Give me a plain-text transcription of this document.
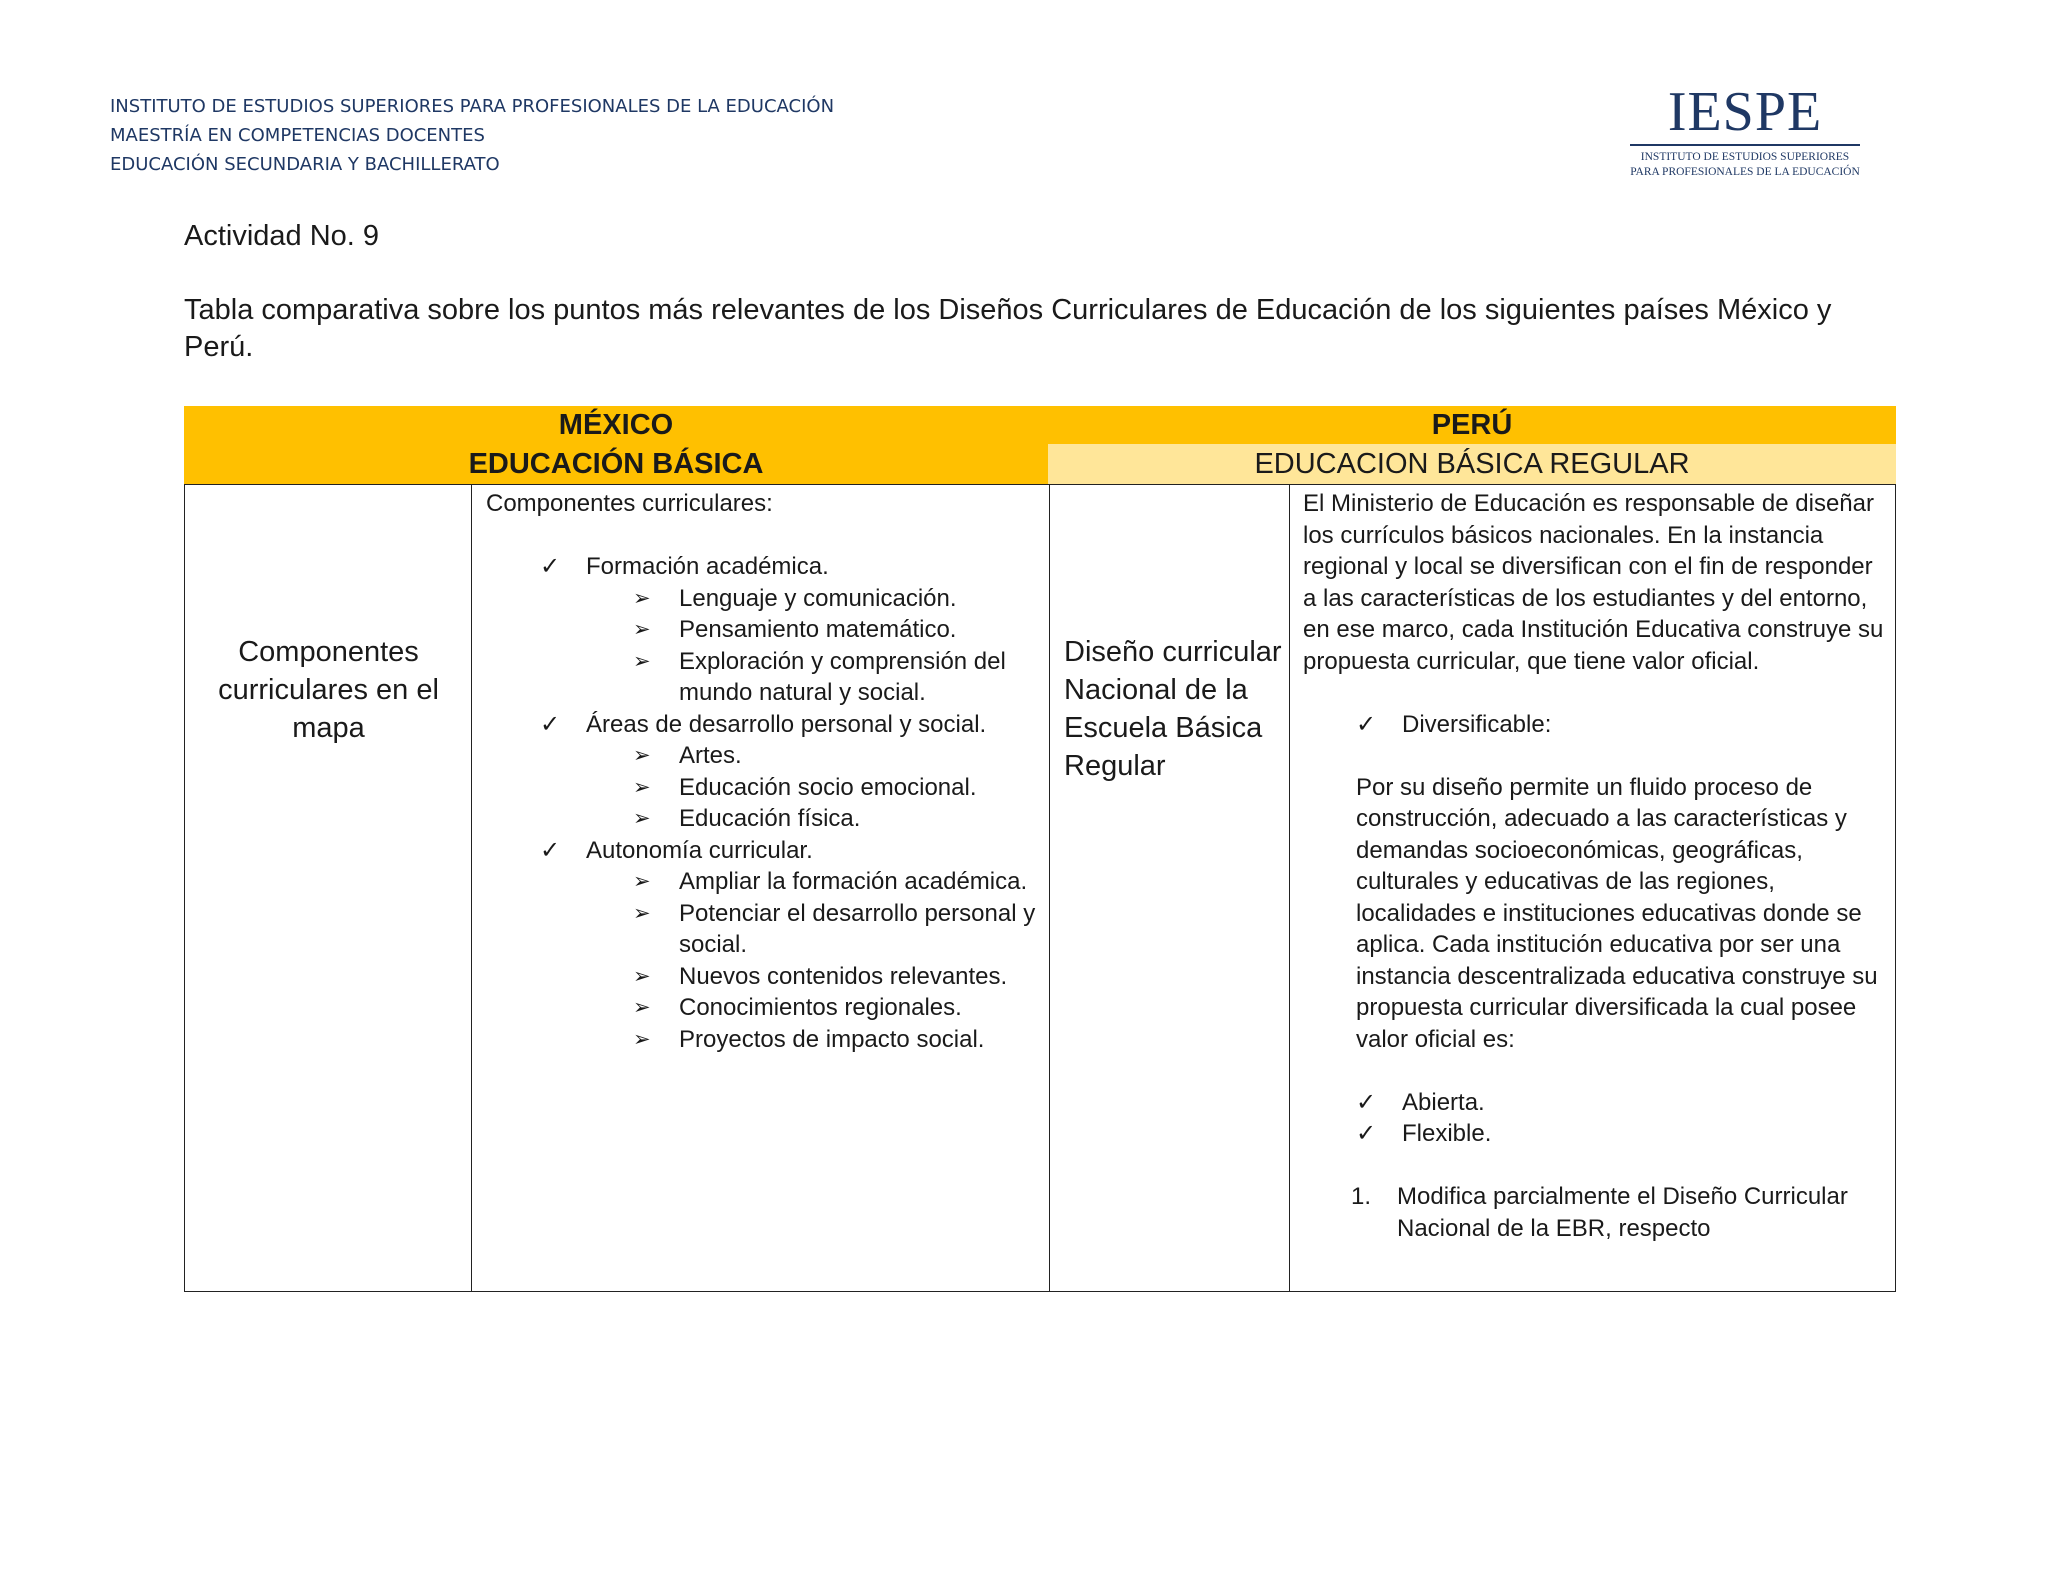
INSTITUTO DE ESTUDIOS SUPERIORES PARA PROFESIONALES DE LA EDUCACIÓN
MAESTRÍA EN COMPETENCIAS DOCENTES
EDUCACIÓN SECUNDARIA Y BACHILLERATO
IESPE
INSTITUTO DE ESTUDIOS SUPERIORES
PARA PROFESIONALES DE LA EDUCACIÓN
Actividad No. 9
Tabla comparativa sobre los puntos más relevantes de los Diseños Curriculares de Educación de los siguientes países México y Perú.
MÉXICO	PERÚ
EDUCACIÓN BÁSICA	EDUCACION BÁSICA REGULAR
Componentes curriculares en el mapa
Componentes curriculares:
✓ Formación académica.
➢ Lenguaje y comunicación.
➢ Pensamiento matemático.
➢ Exploración y comprensión del mundo natural y social.
✓ Áreas de desarrollo personal y social.
➢ Artes.
➢ Educación socio emocional.
➢ Educación física.
✓ Autonomía curricular.
➢ Ampliar la formación académica.
➢ Potenciar el desarrollo personal y social.
➢ Nuevos contenidos relevantes.
➢ Conocimientos regionales.
➢ Proyectos de impacto social.
Diseño curricular Nacional de la Escuela Básica Regular
El Ministerio de Educación es responsable de diseñar los currículos básicos nacionales. En la instancia regional y local se diversifican con el fin de responder a las características de los estudiantes y del entorno, en ese marco, cada Institución Educativa construye su propuesta curricular, que tiene valor oficial.
✓ Diversificable:
Por su diseño permite un fluido proceso de construcción, adecuado a las características y demandas socioeconómicas, geográficas, culturales y educativas de las regiones, localidades e instituciones educativas donde se aplica. Cada institución educativa por ser una instancia descentralizada educativa construye su propuesta curricular diversificada la cual posee valor oficial es:
✓ Abierta.
✓ Flexible.
1. Modifica parcialmente el Diseño Curricular Nacional de la EBR, respecto
